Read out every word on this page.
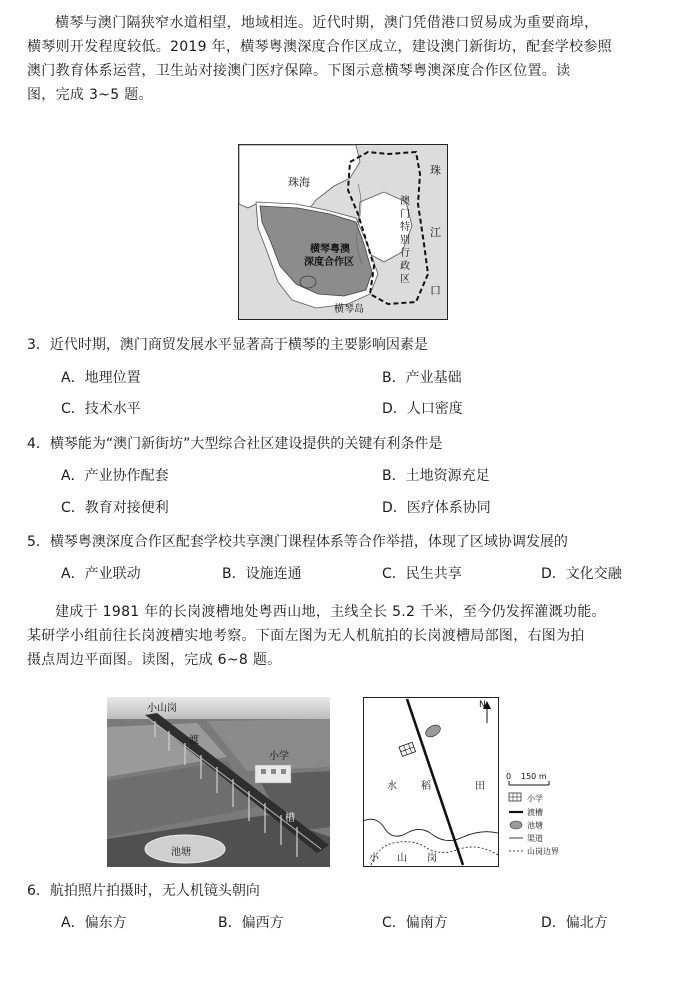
横琴与澳门隔狭窄水道相望，地域相连。近代时期，澳门凭借港口贸易成为重要商埠，
横琴则开发程度较低。2019 年，横琴粤澳深度合作区成立，建设澳门新街坊，配套学校参照
澳门教育体系运营，卫生站对接澳门医疗保障。下图示意横琴粤澳深度合作区位置。读
图，完成 3~5 题。
珠海
横琴粤澳
深度合作区
澳
门
特
别
行
政
区
珠
江
口
横琴岛
3．近代时期，澳门商贸发展水平显著高于横琴的主要影响因素是
A．地理位置	B．产业基础
C．技术水平	D．人口密度
4．横琴能为“澳门新街坊”大型综合社区建设提供的关键有利条件是
A．产业协作配套	B．土地资源充足
C．教育对接便利	D．医疗体系协同
5．横琴粤澳深度合作区配套学校共享澳门课程体系等合作举措，体现了区域协调发展的
A．产业联动	B．设施连通	C．民生共享	D．文化交融
建成于 1981 年的长岗渡槽地处粤西山地，主线全长 5.2 千米，至今仍发挥灌溉功能。
某研学小组前往长岗渡槽实地考察。下面左图为无人机航拍的长岗渡槽局部图，右图为拍
摄点周边平面图。读图，完成 6~8 题。
小山岗
渡
小学
槽
池塘
N
水 稻	田
小 山 岗
0 150 m
小学
渡槽
池塘
渠道
山岗边界
6．航拍照片拍摄时，无人机镜头朝向
A．偏东方	B．偏西方	C．偏南方	D．偏北方
